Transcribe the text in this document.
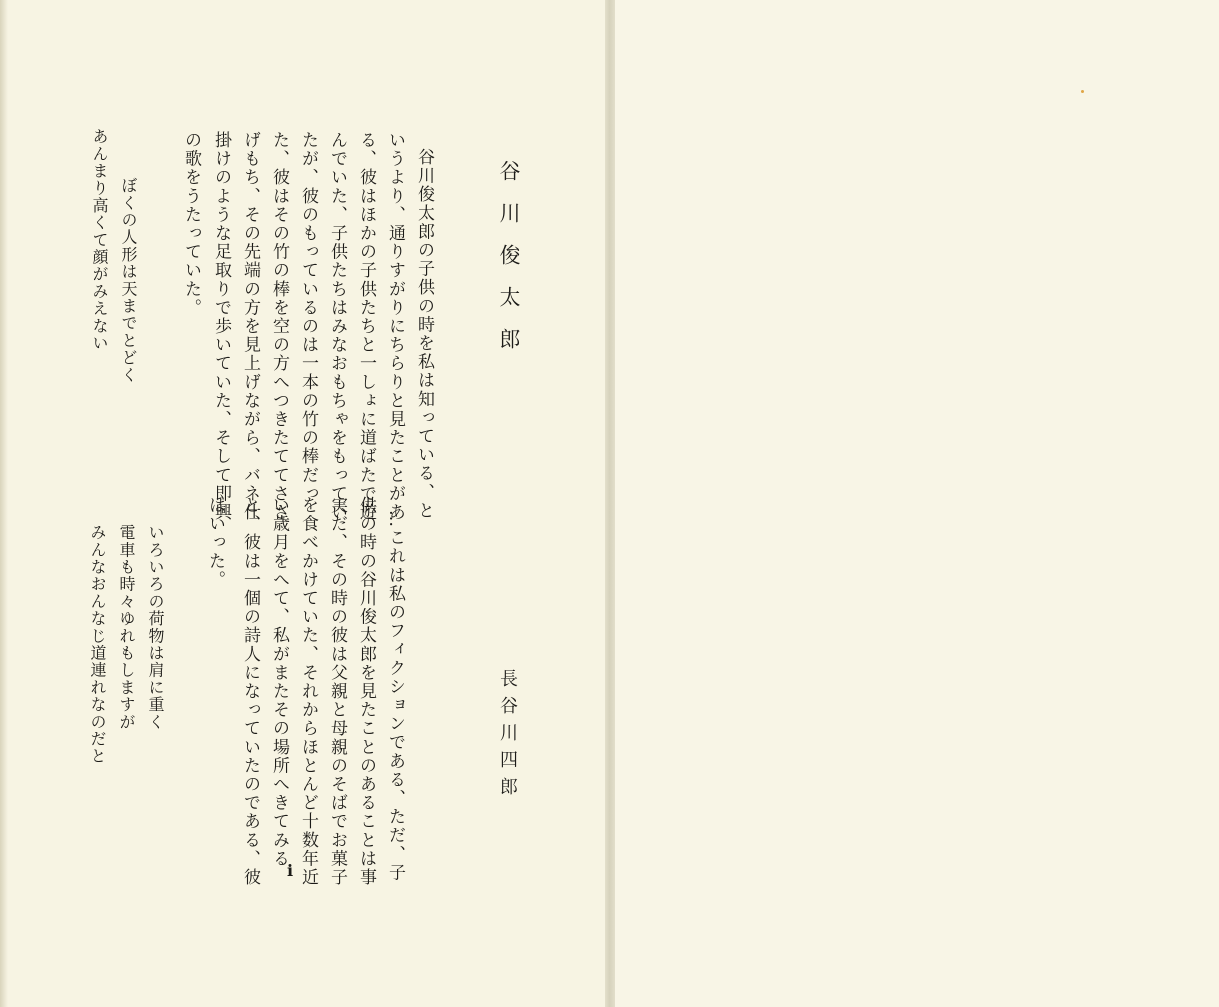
谷川俊太郎
長谷川四郎
谷川俊太郎の子供の時を私は知っている、と
いうより、通りすがりにちらりと見たことがあ
る、彼はほかの子供たちと一しょに道ばたで遊
んでいた、子供たちはみなおもちゃをもってい
たが、彼のもっているのは一本の竹の棒だっ
た、彼はその竹の棒を空の方へつきたててささ
げもち、その先端の方を見上げながら、バネ仕
掛けのような足取りで歩いていた、そして即興
の歌をうたっていた。
ぼくの人形は天までとどく
あんまり高くて顔がみえない
…これは私のフィクションである、ただ、子
供の時の谷川俊太郎を見たことのあることは事
実だ、その時の彼は父親と母親のそばでお菓子
を食べかけていた、それからほとんど十数年近
い歳月をへて、私がまたその場所へきてみる
と、彼は一個の詩人になっていたのである、彼
はいった。
いろいろの荷物は肩に重く
電車も時々ゆれもしますが
みんなおんなじ道連れなのだと
i
